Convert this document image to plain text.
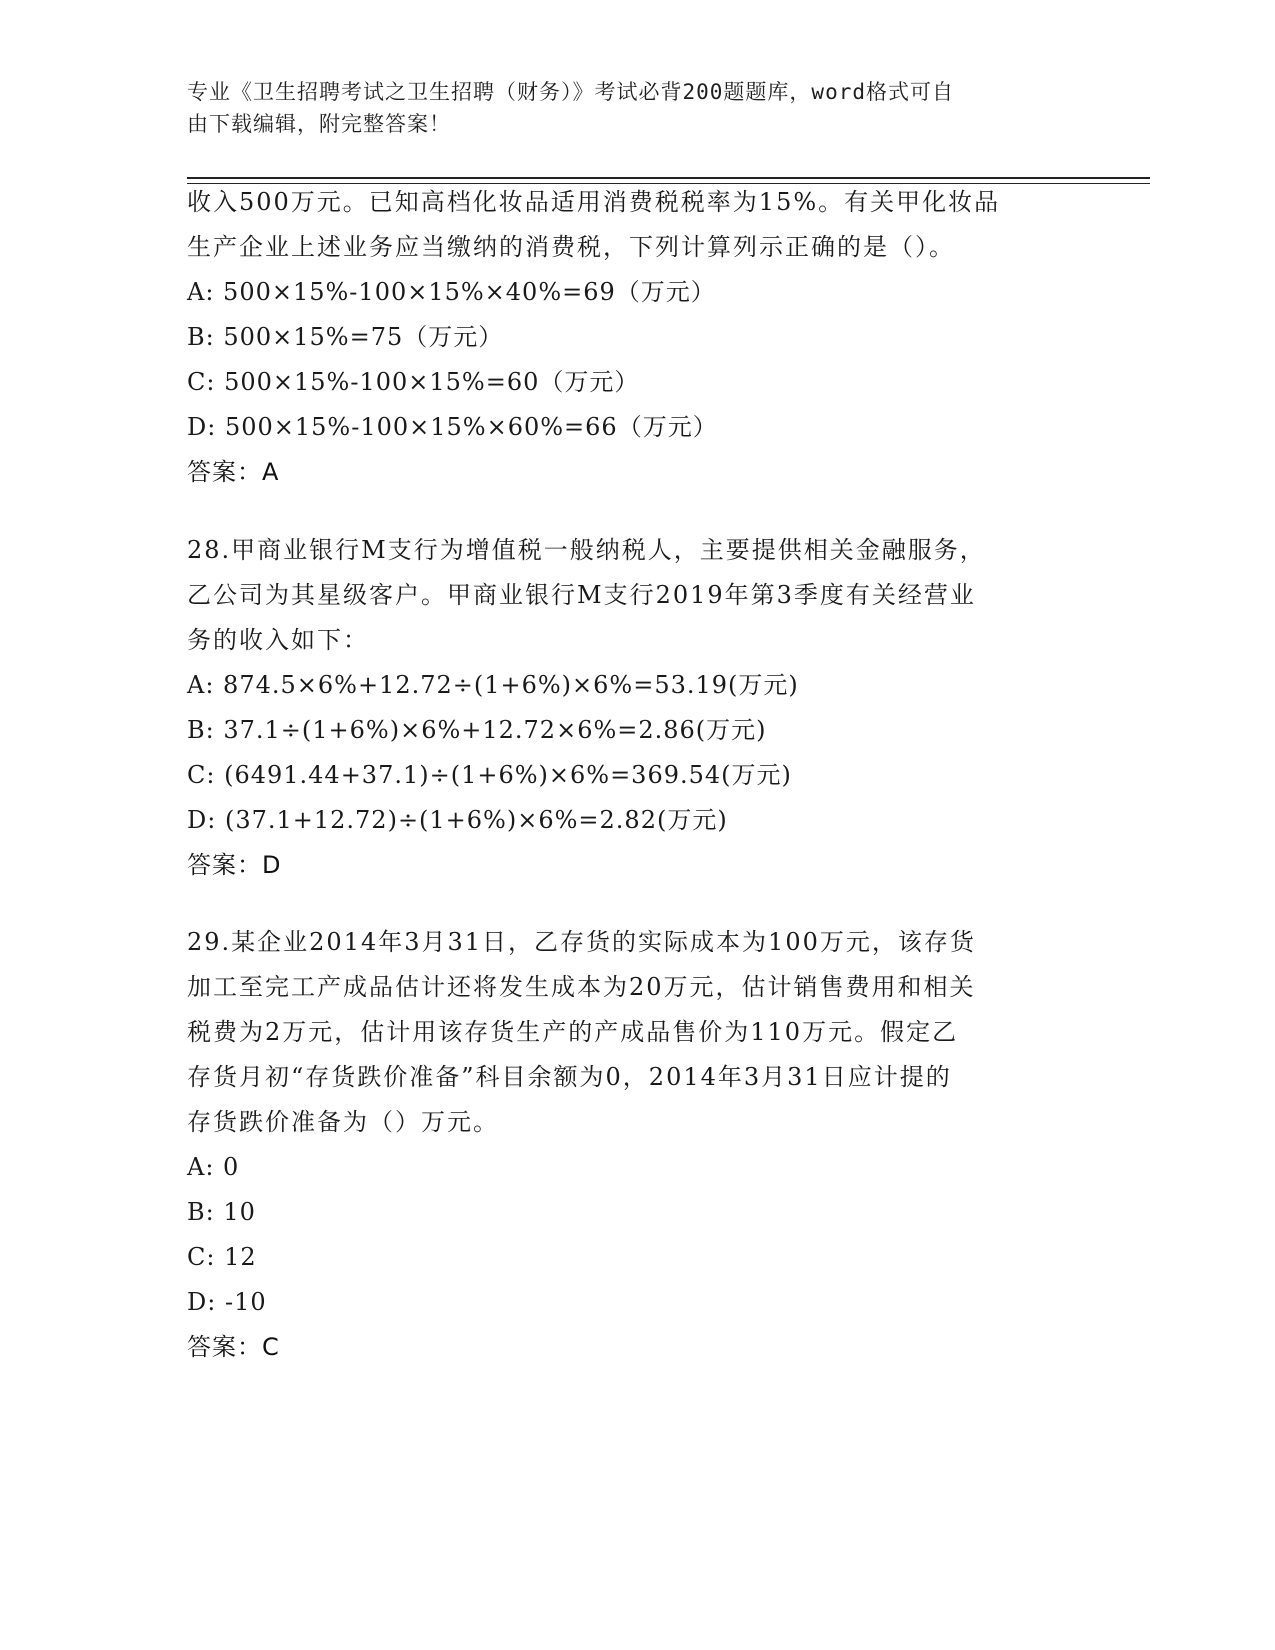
专业《卫生招聘考试之卫生招聘（财务）》考试必背200题题库，word格式可自
由下载编辑，附完整答案！
收入500万元。已知高档化妆品适用消费税税率为15%。有关甲化妆品
生产企业上述业务应当缴纳的消费税，下列计算列示正确的是（）。
A: 500×15%-100×15%×40%=69（万元）
B: 500×15%=75（万元）
C: 500×15%-100×15%=60（万元）
D: 500×15%-100×15%×60%=66（万元）
答案：A
28.甲商业银行M支行为增值税一般纳税人，主要提供相关金融服务，
乙公司为其星级客户。甲商业银行M支行2019年第3季度有关经营业
务的收入如下：
A: 874.5×6%+12.72÷(1+6%)×6%=53.19(万元)
B: 37.1÷(1+6%)×6%+12.72×6%=2.86(万元)
C: (6491.44+37.1)÷(1+6%)×6%=369.54(万元)
D: (37.1+12.72)÷(1+6%)×6%=2.82(万元)
答案：D
29.某企业2014年3月31日，乙存货的实际成本为100万元，该存货
加工至完工产成品估计还将发生成本为20万元，估计销售费用和相关
税费为2万元，估计用该存货生产的产成品售价为110万元。假定乙
存货月初“存货跌价准备”科目余额为0，2014年3月31日应计提的
存货跌价准备为（）万元。
A: 0
B: 10
C: 12
D: -10
答案：C
